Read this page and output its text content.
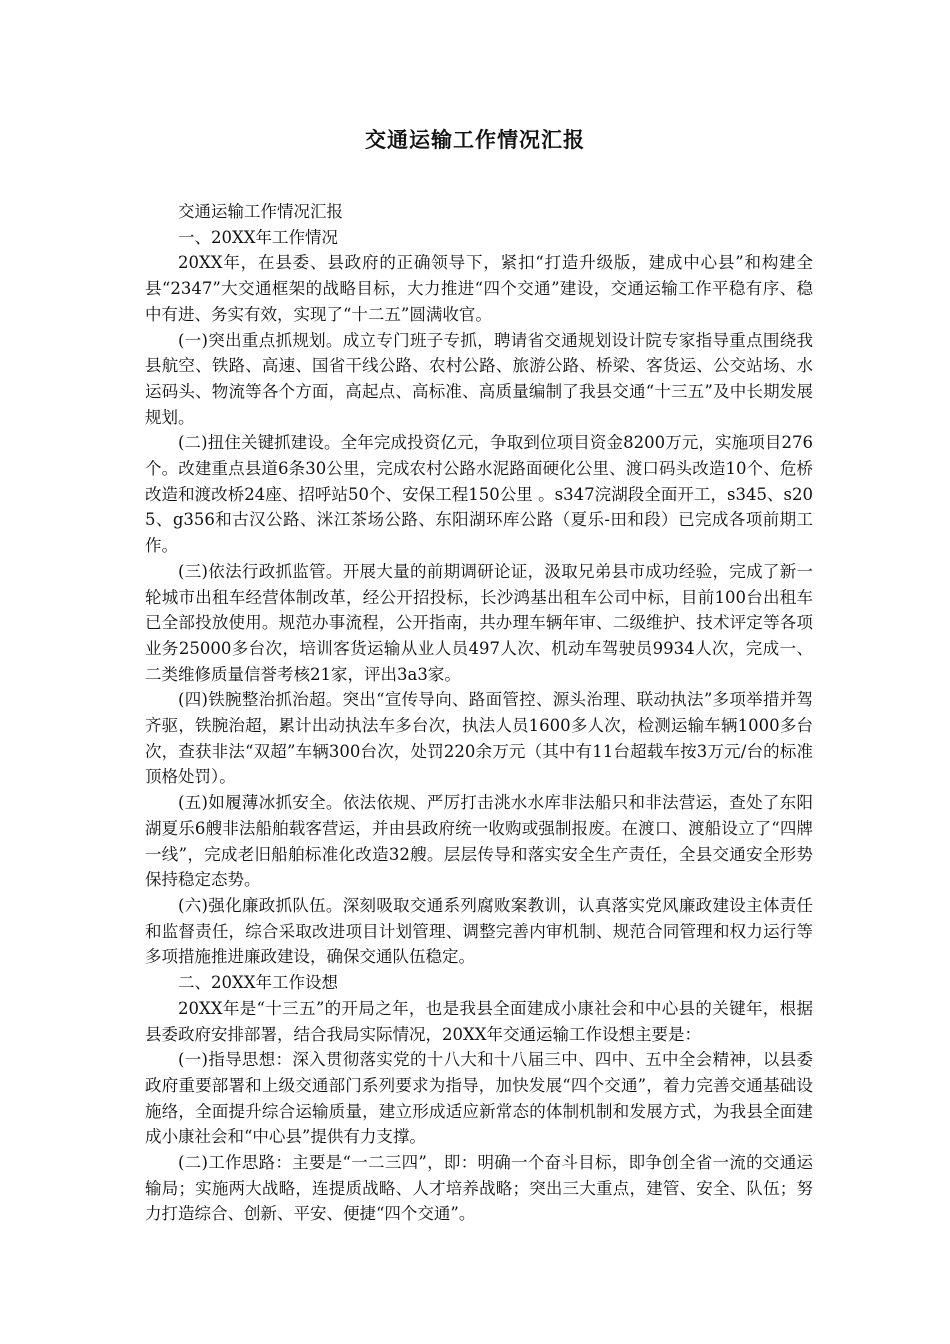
交通运输工作情况汇报

交通运输工作情况汇报

一、20XX年工作情况

20XX年，在县委、县政府的正确领导下，紧扣“打造升级版，建成中心县”和构建全县“2347”大交通框架的战略目标，大力推进“四个交通”建设，交通运输工作平稳有序、稳中有进、务实有效，实现了“十二五”圆满收官。

(一)突出重点抓规划。成立专门班子专抓，聘请省交通规划设计院专家指导重点围绕我县航空、铁路、高速、国省干线公路、农村公路、旅游公路、桥梁、客货运、公交站场、水运码头、物流等各个方面，高起点、高标准、高质量编制了我县交通“十三五”及中长期发展规划。

(二)扭住关键抓建设。全年完成投资亿元，争取到位项目资金8200万元，实施项目276个。改建重点县道6条30公里，完成农村公路水泥路面硬化公里、渡口码头改造10个、危桥改造和渡改桥24座、招呼站50个、安保工程150公里 。s347浣湖段全面开工，s345、s205、g356和古汉公路、洣江茶场公路、东阳湖环库公路（夏乐-田和段）已完成各项前期工作。

(三)依法行政抓监管。开展大量的前期调研论证，汲取兄弟县市成功经验，完成了新一轮城市出租车经营体制改革，经公开招投标，长沙鸿基出租车公司中标，目前100台出租车已全部投放使用。规范办事流程，公开指南，共办理车辆年审、二级维护、技术评定等各项业务25000多台次，培训客货运输从业人员497人次、机动车驾驶员9934人次，完成一、二类维修质量信誉考核21家，评出3a3家。

(四)铁腕整治抓治超。突出“宣传导向、路面管控、源头治理、联动执法”多项举措并驾齐驱，铁腕治超，累计出动执法车多台次，执法人员1600多人次，检测运输车辆1000多台次，查获非法“双超”车辆300台次，处罚220余万元（其中有11台超载车按3万元/台的标准顶格处罚）。

(五)如履薄冰抓安全。依法依规、严厉打击洮水水库非法船只和非法营运，查处了东阳湖夏乐6艘非法船舶载客营运，并由县政府统一收购或强制报废。在渡口、渡船设立了“四牌一线”，完成老旧船舶标准化改造32艘。层层传导和落实安全生产责任，全县交通安全形势保持稳定态势。

(六)强化廉政抓队伍。深刻吸取交通系列腐败案教训，认真落实党风廉政建设主体责任和监督责任，综合采取改进项目计划管理、调整完善内审机制、规范合同管理和权力运行等多项措施推进廉政建设，确保交通队伍稳定。

二、20XX年工作设想

20XX年是“十三五”的开局之年，也是我县全面建成小康社会和中心县的关键年，根据县委政府安排部署，结合我局实际情况，20XX年交通运输工作设想主要是：

(一)指导思想：深入贯彻落实党的十八大和十八届三中、四中、五中全会精神，以县委政府重要部署和上级交通部门系列要求为指导，加快发展“四个交通”，着力完善交通基础设施络，全面提升综合运输质量，建立形成适应新常态的体制机制和发展方式，为我县全面建成小康社会和“中心县”提供有力支撑。

(二)工作思路：主要是“一二三四”，即：明确一个奋斗目标，即争创全省一流的交通运输局；实施两大战略，连提质战略、人才培养战略；突出三大重点，建管、安全、队伍；努力打造综合、创新、平安、便捷“四个交通”。
